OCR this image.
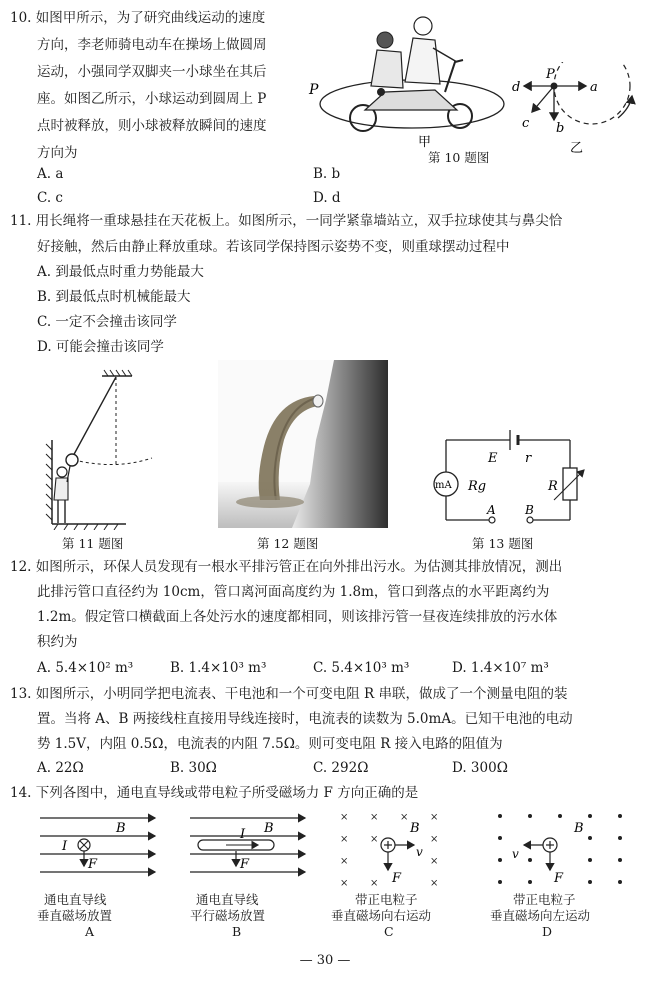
10. 如图甲所示，为了研究曲线运动的速度
方向，李老师骑电动车在操场上做圆周
运动，小强同学双脚夹一小球坐在其后
座。如图乙所示，小球运动到圆周上 P
点时被释放，则小球被释放瞬间的速度
方向为
A. a	B. b
C. c	D. d
P
甲
P
a
d
b
c
乙
第 10 题图
11. 用长绳将一重球悬挂在天花板上。如图所示，一同学紧靠墙站立，双手拉球使其与鼻尖恰
好接触，然后由静止释放重球。若该同学保持图示姿势不变，则重球摆动过程中
A. 到最低点时重力势能最大
B. 到最低点时机械能最大
C. 一定不会撞击该同学
D. 可能会撞击该同学
第 11 题图	第 12 题图
mA Rg
E r
R
A B
第 13 题图
12. 如图所示，环保人员发现有一根水平排污管正在向外排出污水。为估测其排放情况，测出
此排污管口直径约为 10cm，管口离河面高度约为 1.8m，管口到落点的水平距离约为
1.2m。假定管口横截面上各处污水的速度都相同，则该排污管一昼夜连续排放的污水体
积约为
A. 5.4×10² m³	B. 1.4×10³ m³	C. 5.4×10³ m³	D. 1.4×10⁷ m³
13. 如图所示，小明同学把电流表、干电池和一个可变电阻 R 串联，做成了一个测量电阻的装
置。当将 A、B 两接线柱直接用导线连接时，电流表的读数为 5.0mA。已知干电池的电动
势 1.5V，内阻 0.5Ω，电流表的内阻 7.5Ω。则可变电阻 R 接入电路的阻值为
A. 22Ω	B. 30Ω	C. 292Ω	D. 300Ω
14. 下列各图中，通电直导线或带电粒子所受磁场力 F 方向正确的是
B
I
F
B
I
F
× × × ×
× ×	×
×	×
× ×	×
B
v
F
B
v
F
通电直导线
垂直磁场放置
A
通电直导线
平行磁场放置
B
带正电粒子
垂直磁场向右运动
C
带正电粒子
垂直磁场向左运动
D
— 30 —
